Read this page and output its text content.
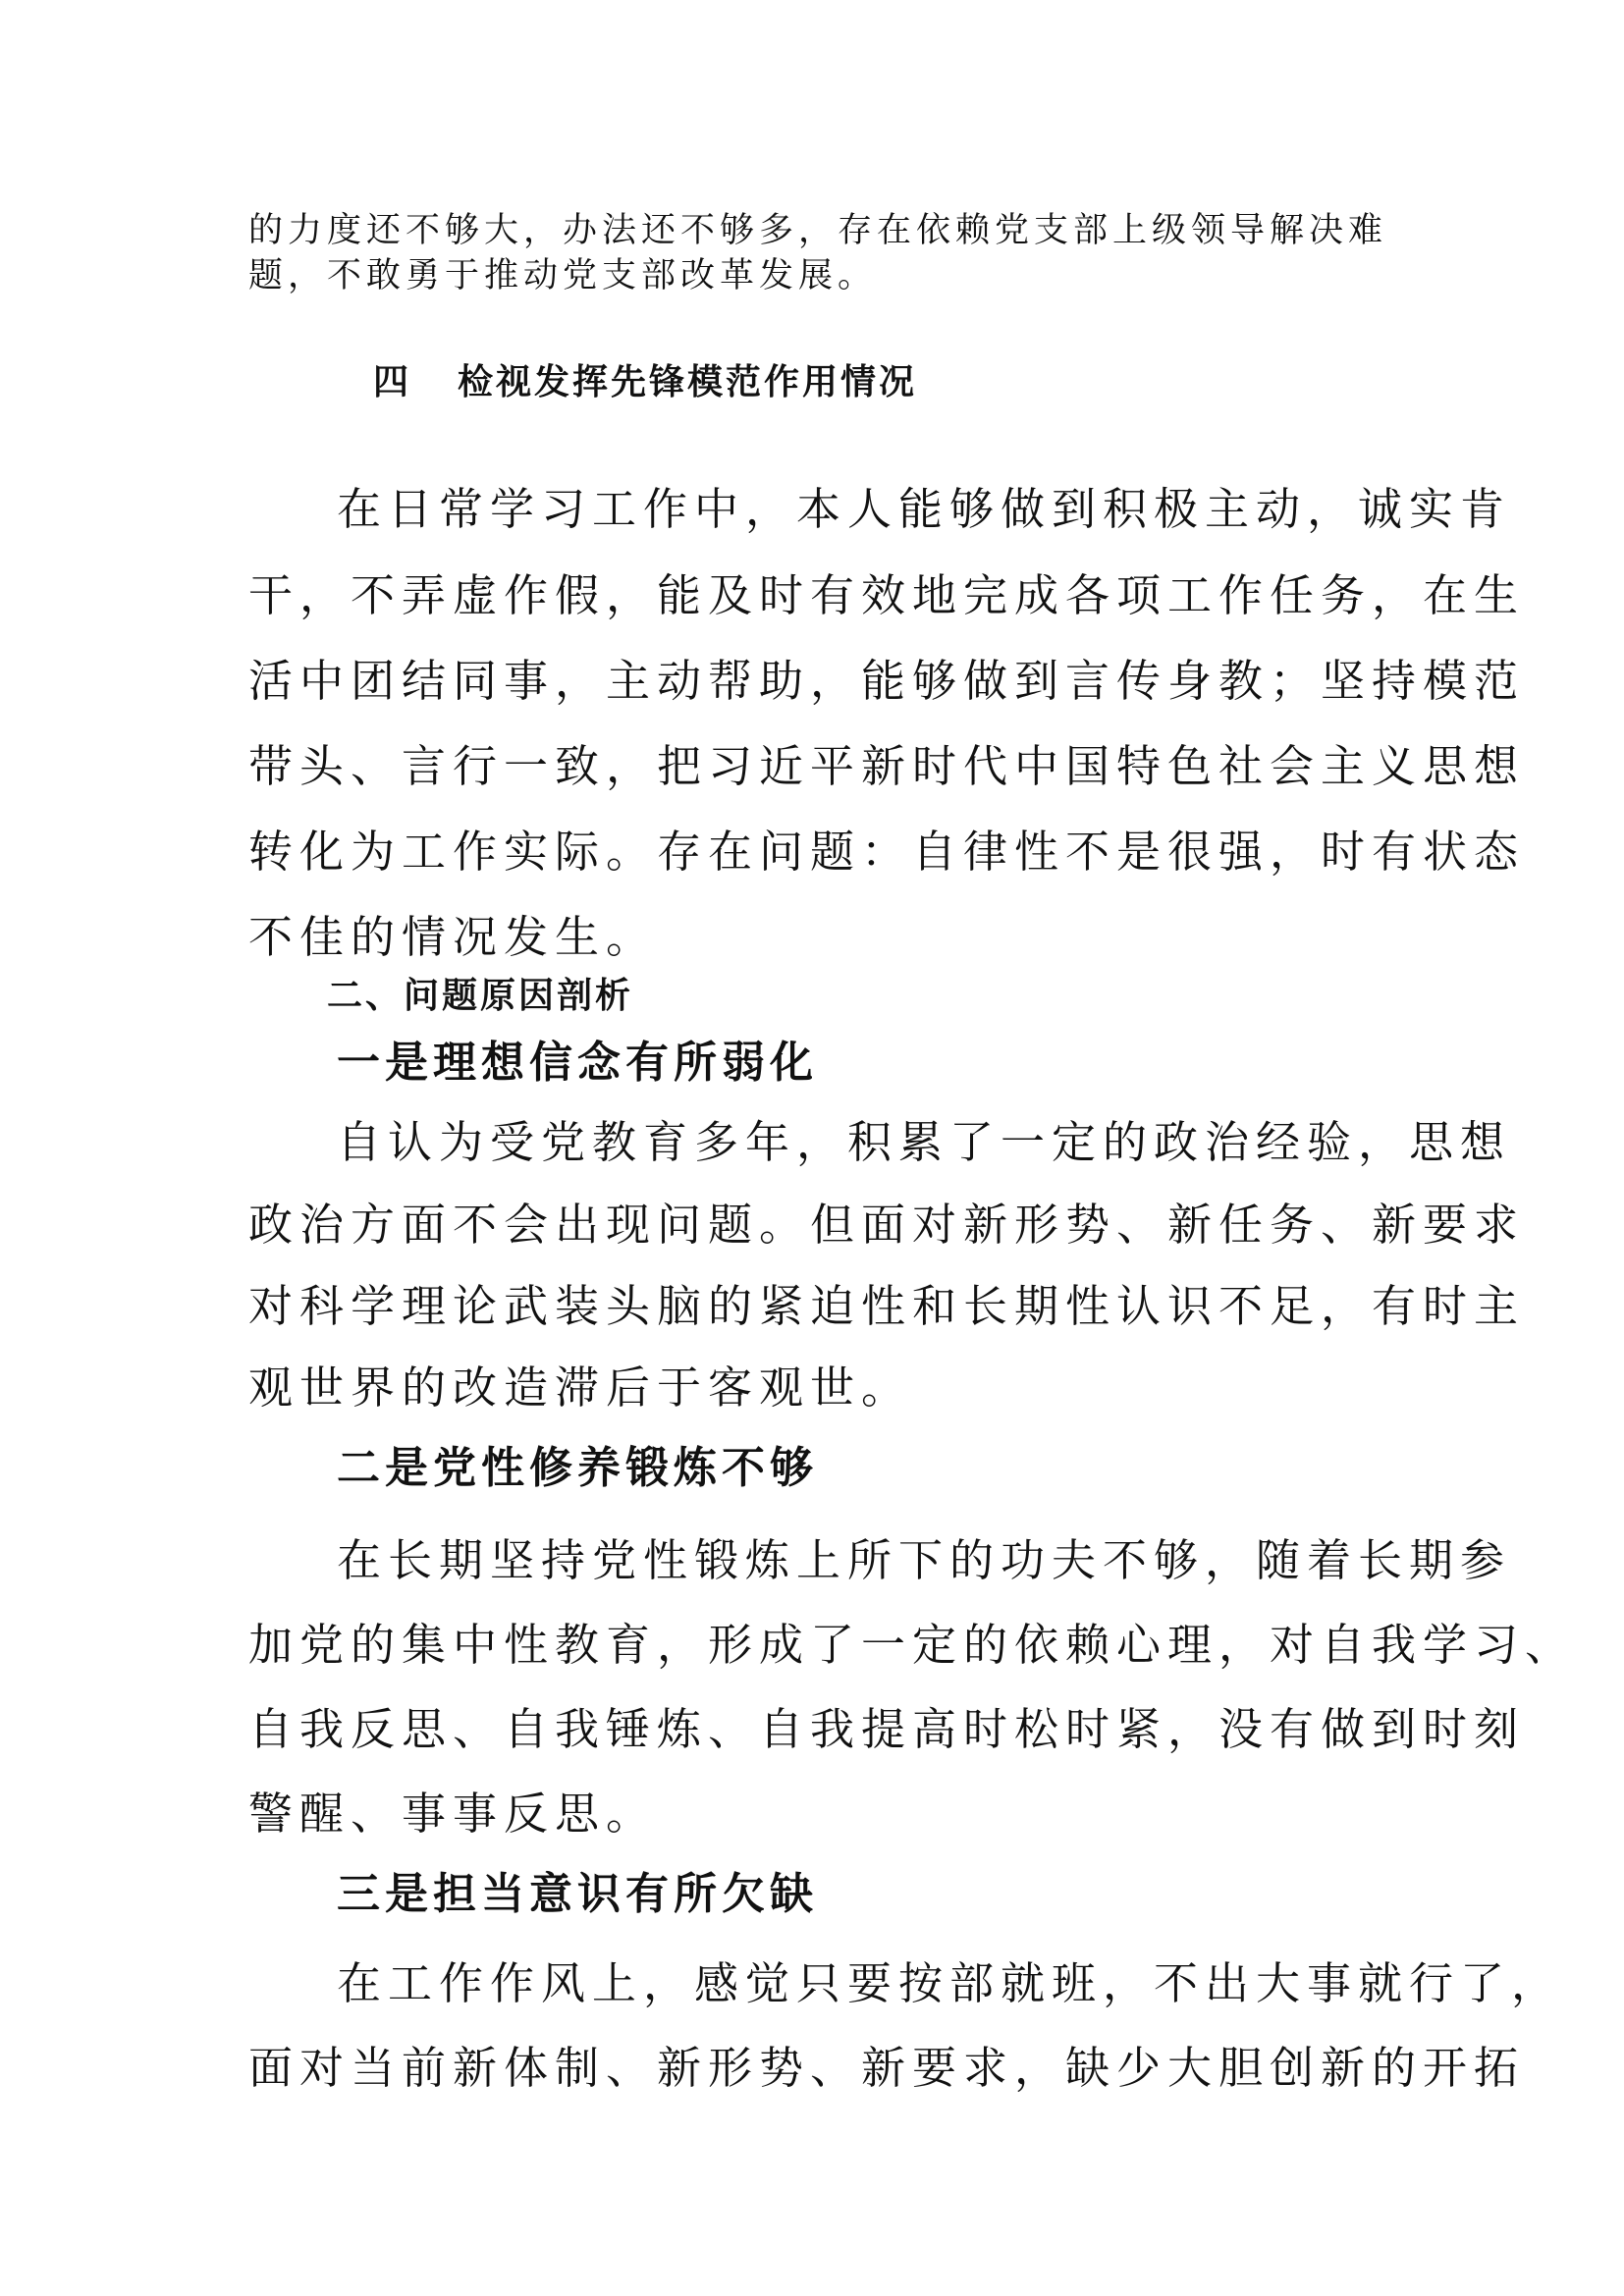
的力度还不够大，办法还不够多，存在依赖党支部上级领导解决难
题，不敢勇于推动党支部改革发展。
四 检视发挥先锋模范作用情况
在日常学习工作中，本人能够做到积极主动，诚实肯
干，不弄虚作假，能及时有效地完成各项工作任务，在生
活中团结同事，主动帮助，能够做到言传身教；坚持模范
带头、言行一致，把习近平新时代中国特色社会主义思想
转化为工作实际。存在问题：自律性不是很强，时有状态
不佳的情况发生。
二、问题原因剖析
一是理想信念有所弱化
自认为受党教育多年，积累了一定的政治经验，思想
政治方面不会出现问题。但面对新形势、新任务、新要求
对科学理论武装头脑的紧迫性和长期性认识不足，有时主
观世界的改造滞后于客观世。
二是党性修养锻炼不够
在长期坚持党性锻炼上所下的功夫不够，随着长期参
加党的集中性教育，形成了一定的依赖心理，对自我学习、
自我反思、自我锤炼、自我提高时松时紧，没有做到时刻
警醒、事事反思。
三是担当意识有所欠缺
在工作作风上，感觉只要按部就班，不出大事就行了，
面对当前新体制、新形势、新要求，缺少大胆创新的开拓
